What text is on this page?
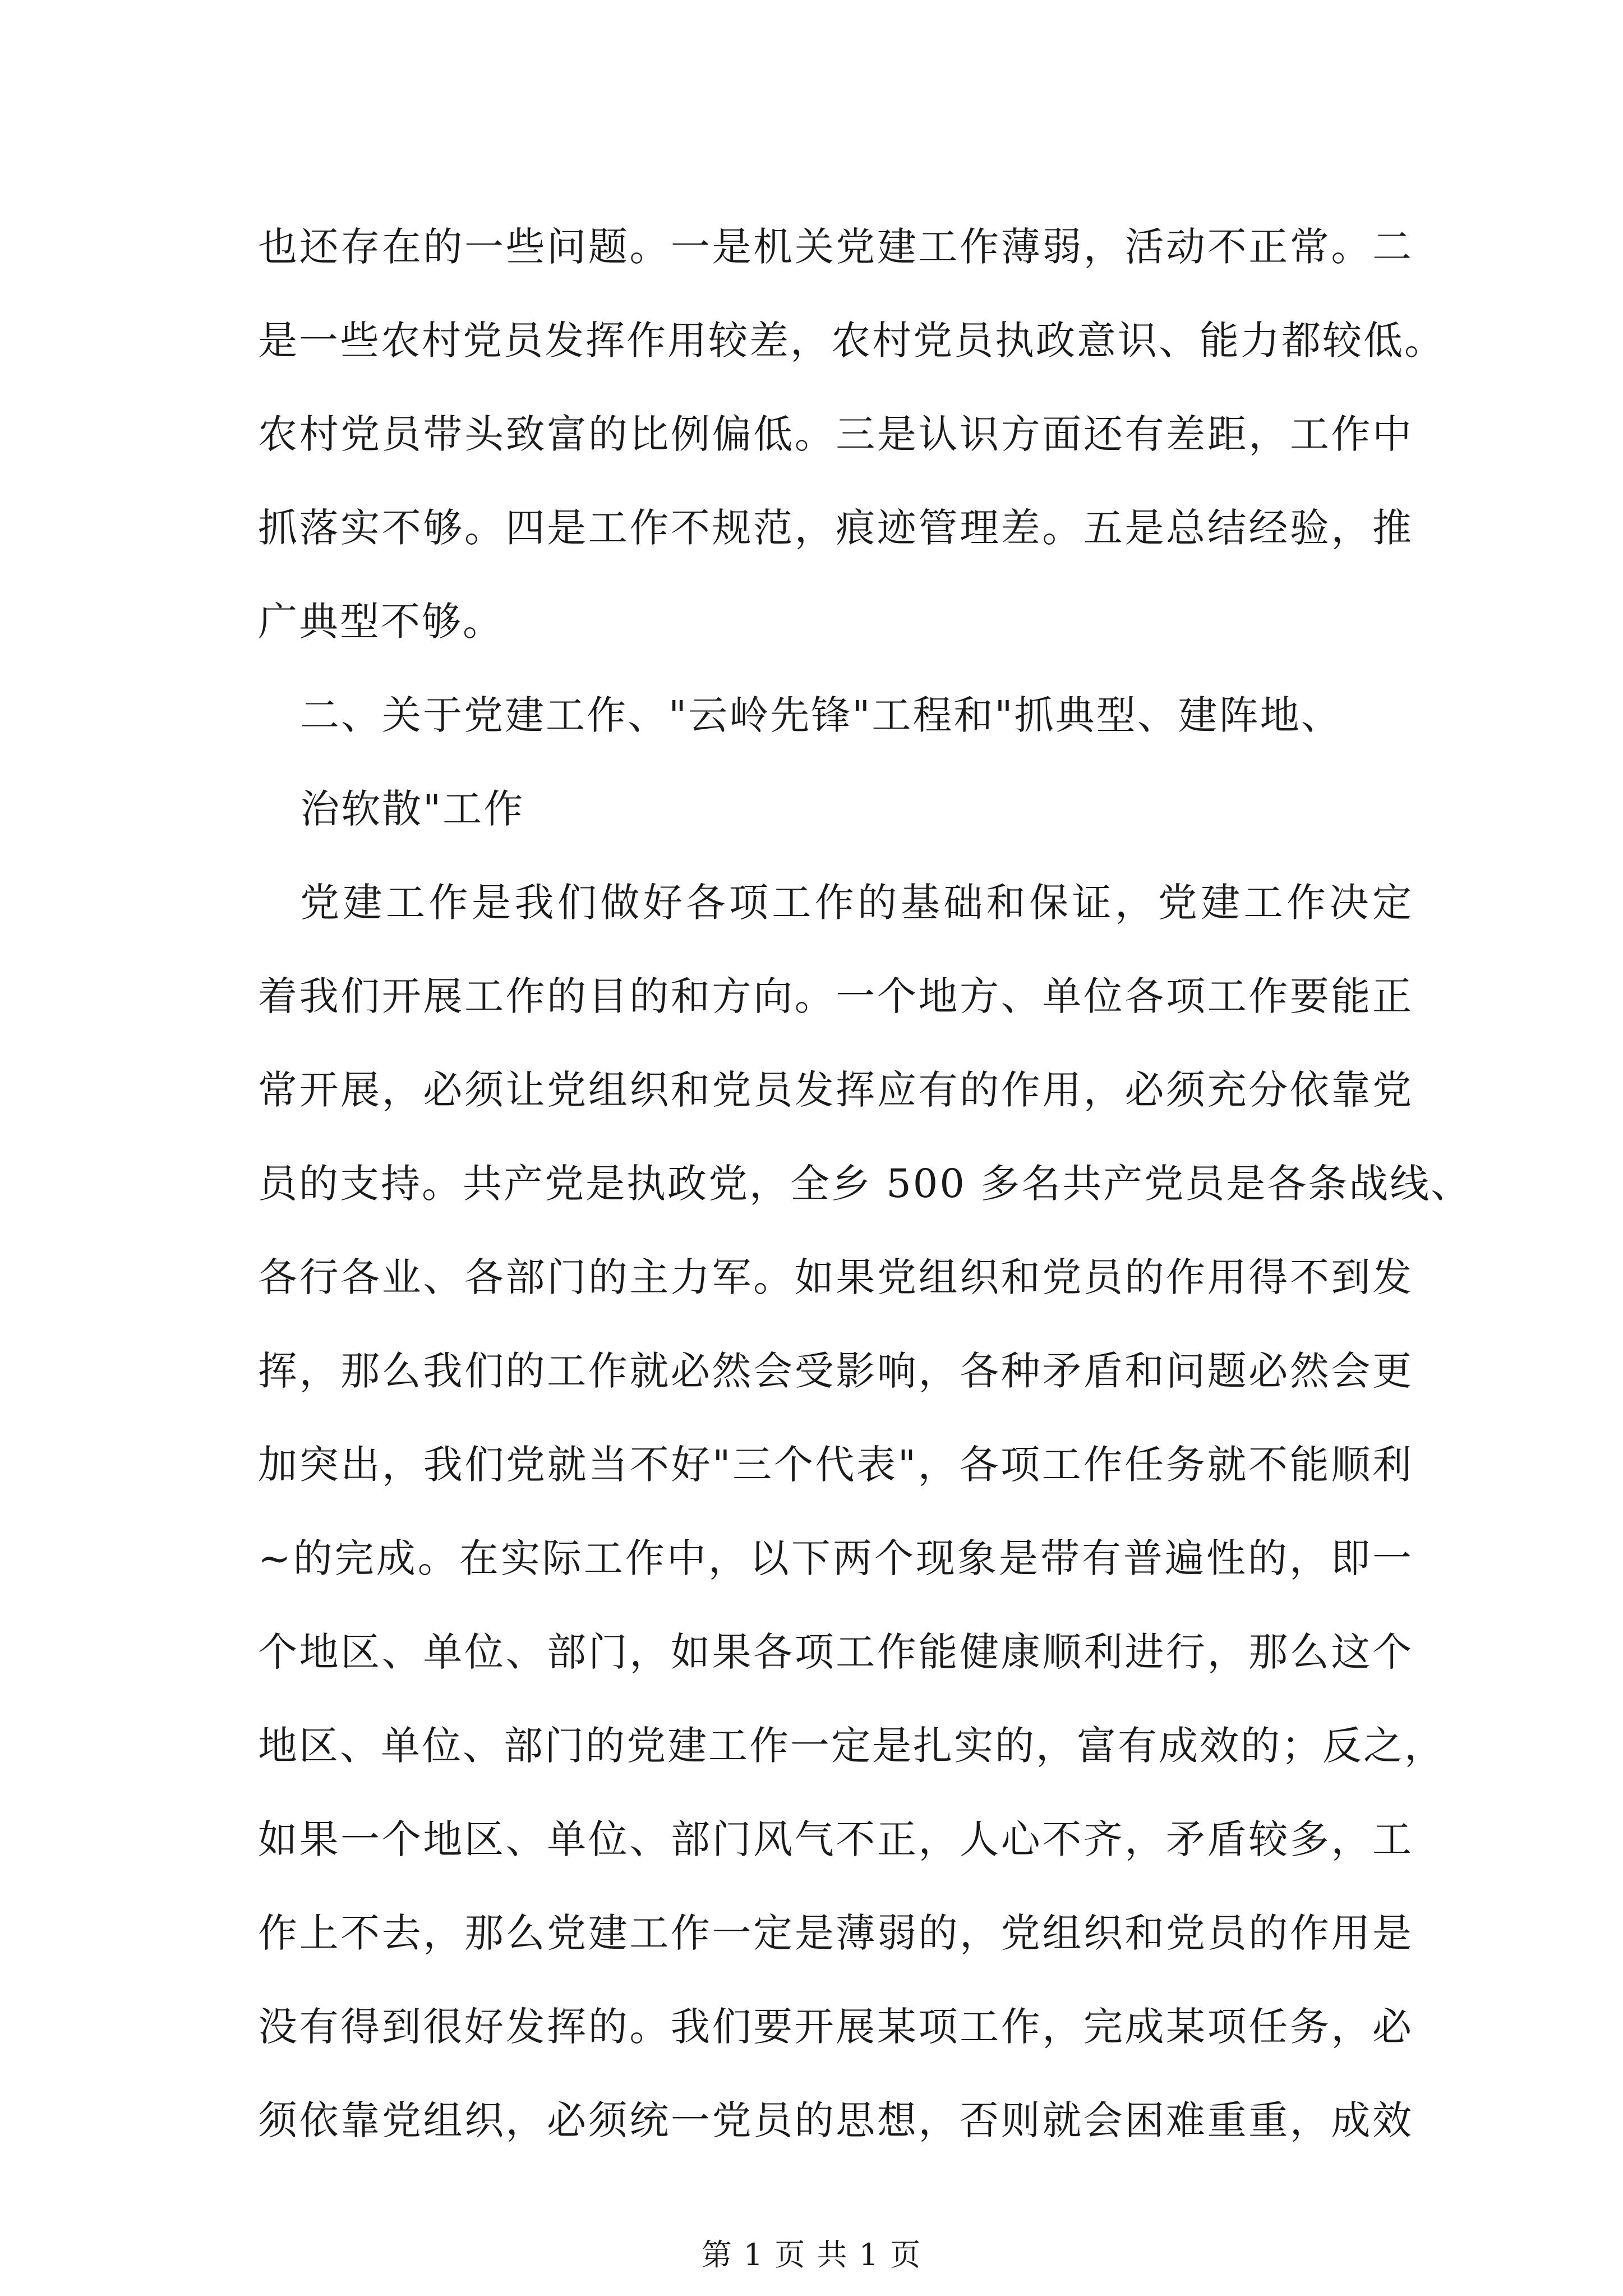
也还存在的一些问题。一是机关党建工作薄弱，活动不正常。二
是一些农村党员发挥作用较差，农村党员执政意识、能力都较低。
农村党员带头致富的比例偏低。三是认识方面还有差距，工作中
抓落实不够。四是工作不规范，痕迹管理差。五是总结经验，推
广典型不够。
二、关于党建工作、"云岭先锋"工程和"抓典型、建阵地、
治软散"工作
党建工作是我们做好各项工作的基础和保证，党建工作决定
着我们开展工作的目的和方向。一个地方、单位各项工作要能正
常开展，必须让党组织和党员发挥应有的作用，必须充分依靠党
员的支持。共产党是执政党，全乡 500 多名共产党员是各条战线、
各行各业、各部门的主力军。如果党组织和党员的作用得不到发
挥，那么我们的工作就必然会受影响，各种矛盾和问题必然会更
加突出，我们党就当不好"三个代表"，各项工作任务就不能顺利
~的完成。在实际工作中，以下两个现象是带有普遍性的，即一
个地区、单位、部门，如果各项工作能健康顺利进行，那么这个
地区、单位、部门的党建工作一定是扎实的，富有成效的；反之，
如果一个地区、单位、部门风气不正，人心不齐，矛盾较多，工
作上不去，那么党建工作一定是薄弱的，党组织和党员的作用是
没有得到很好发挥的。我们要开展某项工作，完成某项任务，必
须依靠党组织，必须统一党员的思想，否则就会困难重重，成效
第 1 页 共 1 页
